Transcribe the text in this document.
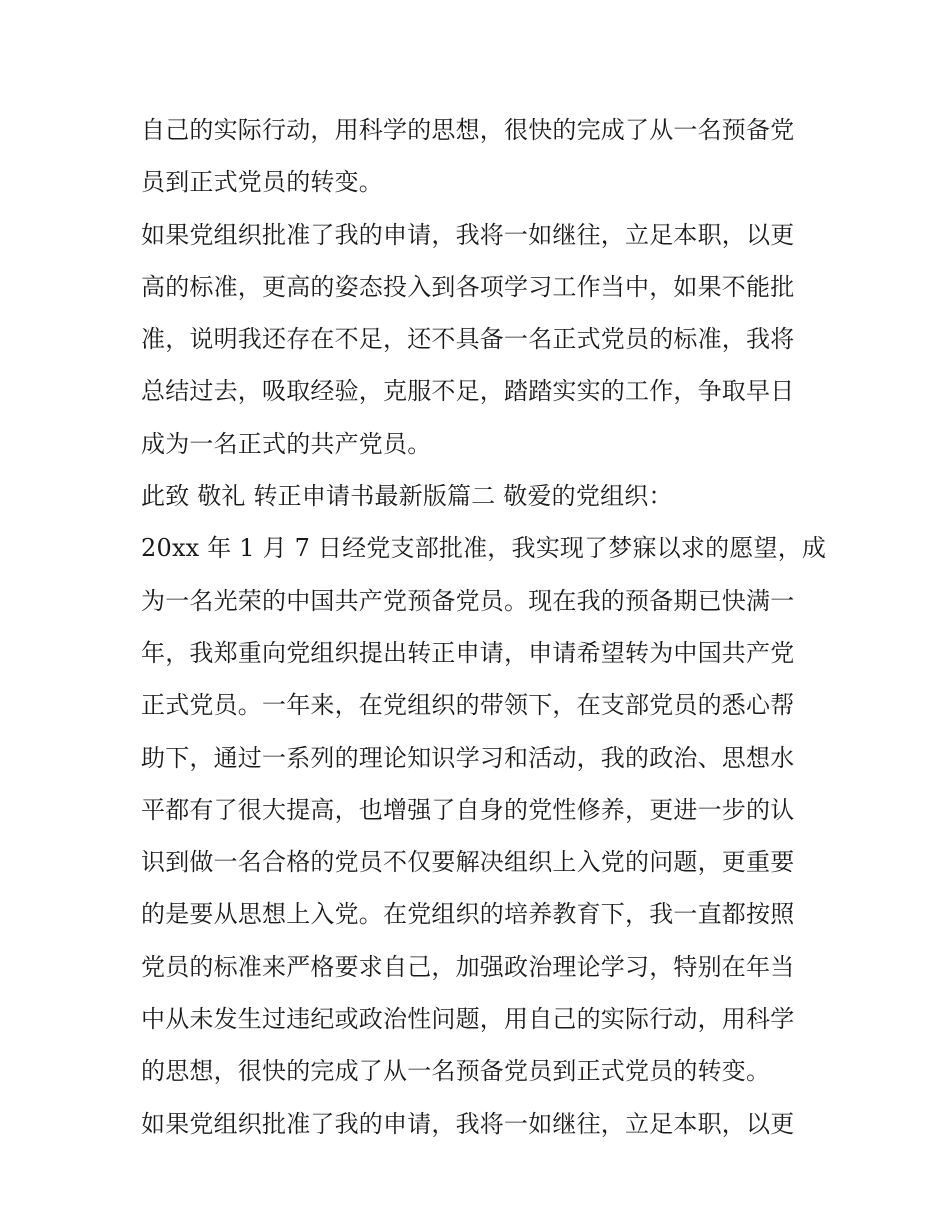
自己的实际行动，用科学的思想，很快的完成了从一名预备党
员到正式党员的转变。
如果党组织批准了我的申请，我将一如继往，立足本职，以更
高的标准，更高的姿态投入到各项学习工作当中，如果不能批
准，说明我还存在不足，还不具备一名正式党员的标准，我将
总结过去，吸取经验，克服不足，踏踏实实的工作，争取早日
成为一名正式的共产党员。
此致 敬礼 转正申请书最新版篇二 敬爱的党组织：
20xx 年 1 月 7 日经党支部批准，我实现了梦寐以求的愿望，成
为一名光荣的中国共产党预备党员。现在我的预备期已快满一
年，我郑重向党组织提出转正申请，申请希望转为中国共产党
正式党员。一年来，在党组织的带领下，在支部党员的悉心帮
助下，通过一系列的理论知识学习和活动，我的政治、思想水
平都有了很大提高，也增强了自身的党性修养，更进一步的认
识到做一名合格的党员不仅要解决组织上入党的问题，更重要
的是要从思想上入党。在党组织的培养教育下，我一直都按照
党员的标准来严格要求自己，加强政治理论学习，特别在年当
中从未发生过违纪或政治性问题，用自己的实际行动，用科学
的思想，很快的完成了从一名预备党员到正式党员的转变。
如果党组织批准了我的申请，我将一如继往，立足本职，以更
